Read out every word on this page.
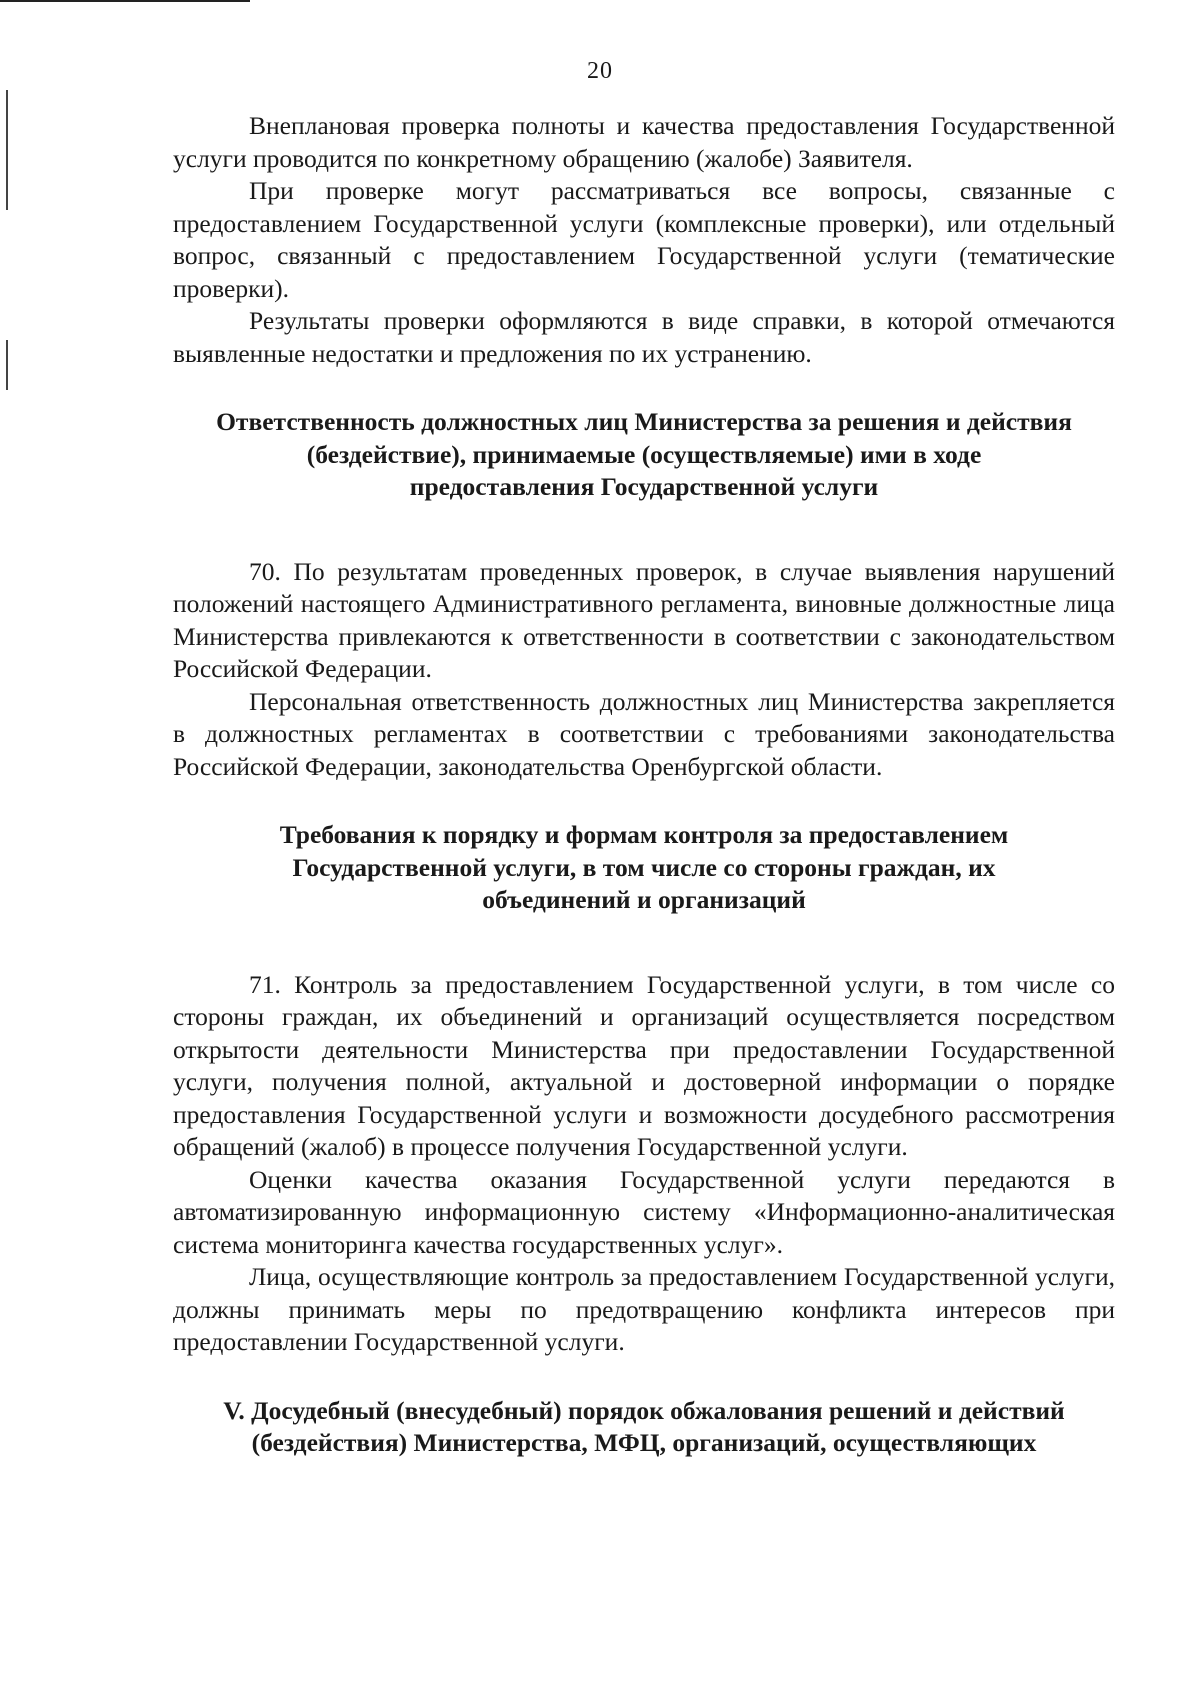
20

Внеплановая проверка полноты и качества предоставления Государственной услуги проводится по конкретному обращению (жалобе) Заявителя.

При проверке могут рассматриваться все вопросы, связанные с предоставлением Государственной услуги (комплексные проверки), или отдельный вопрос, связанный с предоставлением Государственной услуги (тематические проверки).

Результаты проверки оформляются в виде справки, в которой отмечаются выявленные недостатки и предложения по их устранению.

Ответственность должностных лиц Министерства за решения и действия (бездействие), принимаемые (осуществляемые) ими в ходе предоставления Государственной услуги

70. По результатам проведенных проверок, в случае выявления нарушений положений настоящего Административного регламента, виновные должностные лица Министерства привлекаются к ответственности в соответствии с законодательством Российской Федерации.

Персональная ответственность должностных лиц Министерства закрепляется в должностных регламентах в соответствии с требованиями законодательства Российской Федерации, законодательства Оренбургской области.

Требования к порядку и формам контроля за предоставлением Государственной услуги, в том числе со стороны граждан, их объединений и организаций

71. Контроль за предоставлением Государственной услуги, в том числе со стороны граждан, их объединений и организаций осуществляется посредством открытости деятельности Министерства при предоставлении Государственной услуги, получения полной, актуальной и достоверной информации о порядке предоставления Государственной услуги и возможности досудебного рассмотрения обращений (жалоб) в процессе получения Государственной услуги.

Оценки качества оказания Государственной услуги передаются в автоматизированную информационную систему «Информационно-аналитическая система мониторинга качества государственных услуг».

Лица, осуществляющие контроль за предоставлением Государственной услуги, должны принимать меры по предотвращению конфликта интересов при предоставлении Государственной услуги.

V. Досудебный (внесудебный) порядок обжалования решений и действий (бездействия) Министерства, МФЦ, организаций, осуществляющих
